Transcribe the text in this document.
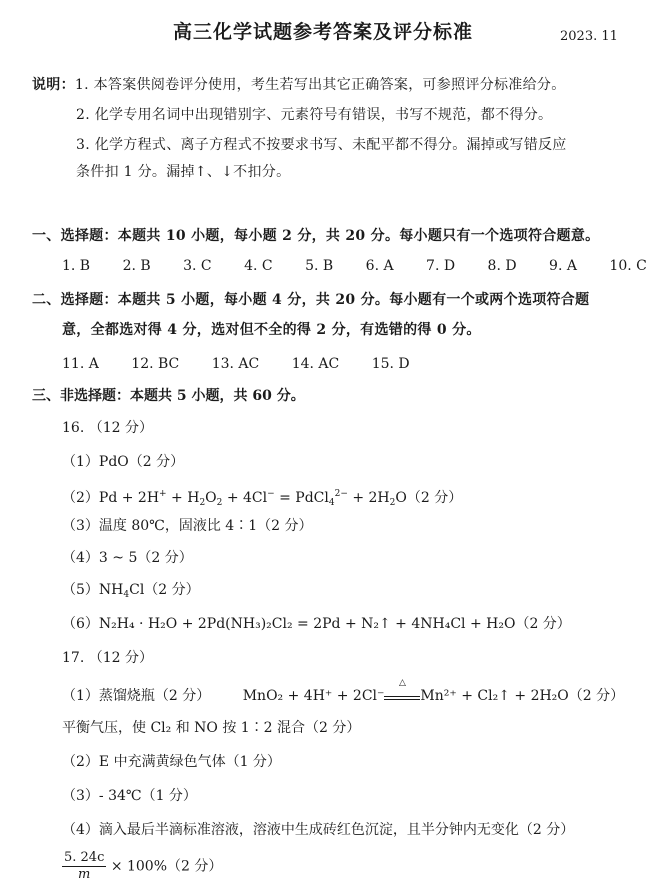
高三化学试题参考答案及评分标准	2023. 11
说明：1. 本答案供阅卷评分使用，考生若写出其它正确答案，可参照评分标准给分。
2. 化学专用名词中出现错别字、元素符号有错误，书写不规范，都不得分。
3. 化学方程式、离子方程式不按要求书写、未配平都不得分。漏掉或写错反应
条件扣 1 分。漏掉↑、↓不扣分。
一、选择题：本题共 10 小题，每小题 2 分，共 20 分。每小题只有一个选项符合题意。
1. B 2. B 3. C 4. C 5. B 6. A 7. D 8. D 9. A 10. C
二、选择题：本题共 5 小题，每小题 4 分，共 20 分。每小题有一个或两个选项符合题
意，全都选对得 4 分，选对但不全的得 2 分，有选错的得 0 分。
11. A 12. BC 13. AC 14. AC 15. D
三、非选择题：本题共 5 小题，共 60 分。
16. （12 分）
（1）PdO（2 分）
$(2)Pd + 2H^+ + H_2O_2 + 4Cl^-$ = PdCl$_4^{2-}$ + $2H_2O(2$ 分）
（3）温度 80℃，固液比 4∶1（2 分）
（4）3 ~ 5（2 分）
$(5)NH_4Cl(2$ 分）
（6）N₂H₄ · H₂O + 2Pd(NH₃)₂Cl₂ = 2Pd + N₂↑ + 4NH₄Cl + H₂O（2 分）
17. （12 分）
（1）蒸馏烧瓶（2 分） MnO₂ + 4H⁺ + 2Cl⁻
△
Mn²⁺ + Cl₂↑ + 2H₂O（2 分）
平衡气压，使 Cl₂ 和 NO 按 1∶2 混合（2 分）
（2）E 中充满黄绿色气体（1 分）
（3）- 34℃（1 分）
（4）滴入最后半滴标准溶液，溶液中生成砖红色沉淀，且半分钟内无变化（2 分）
$\frac{5. 24c}{m} \times 100\%(2$ 分）
